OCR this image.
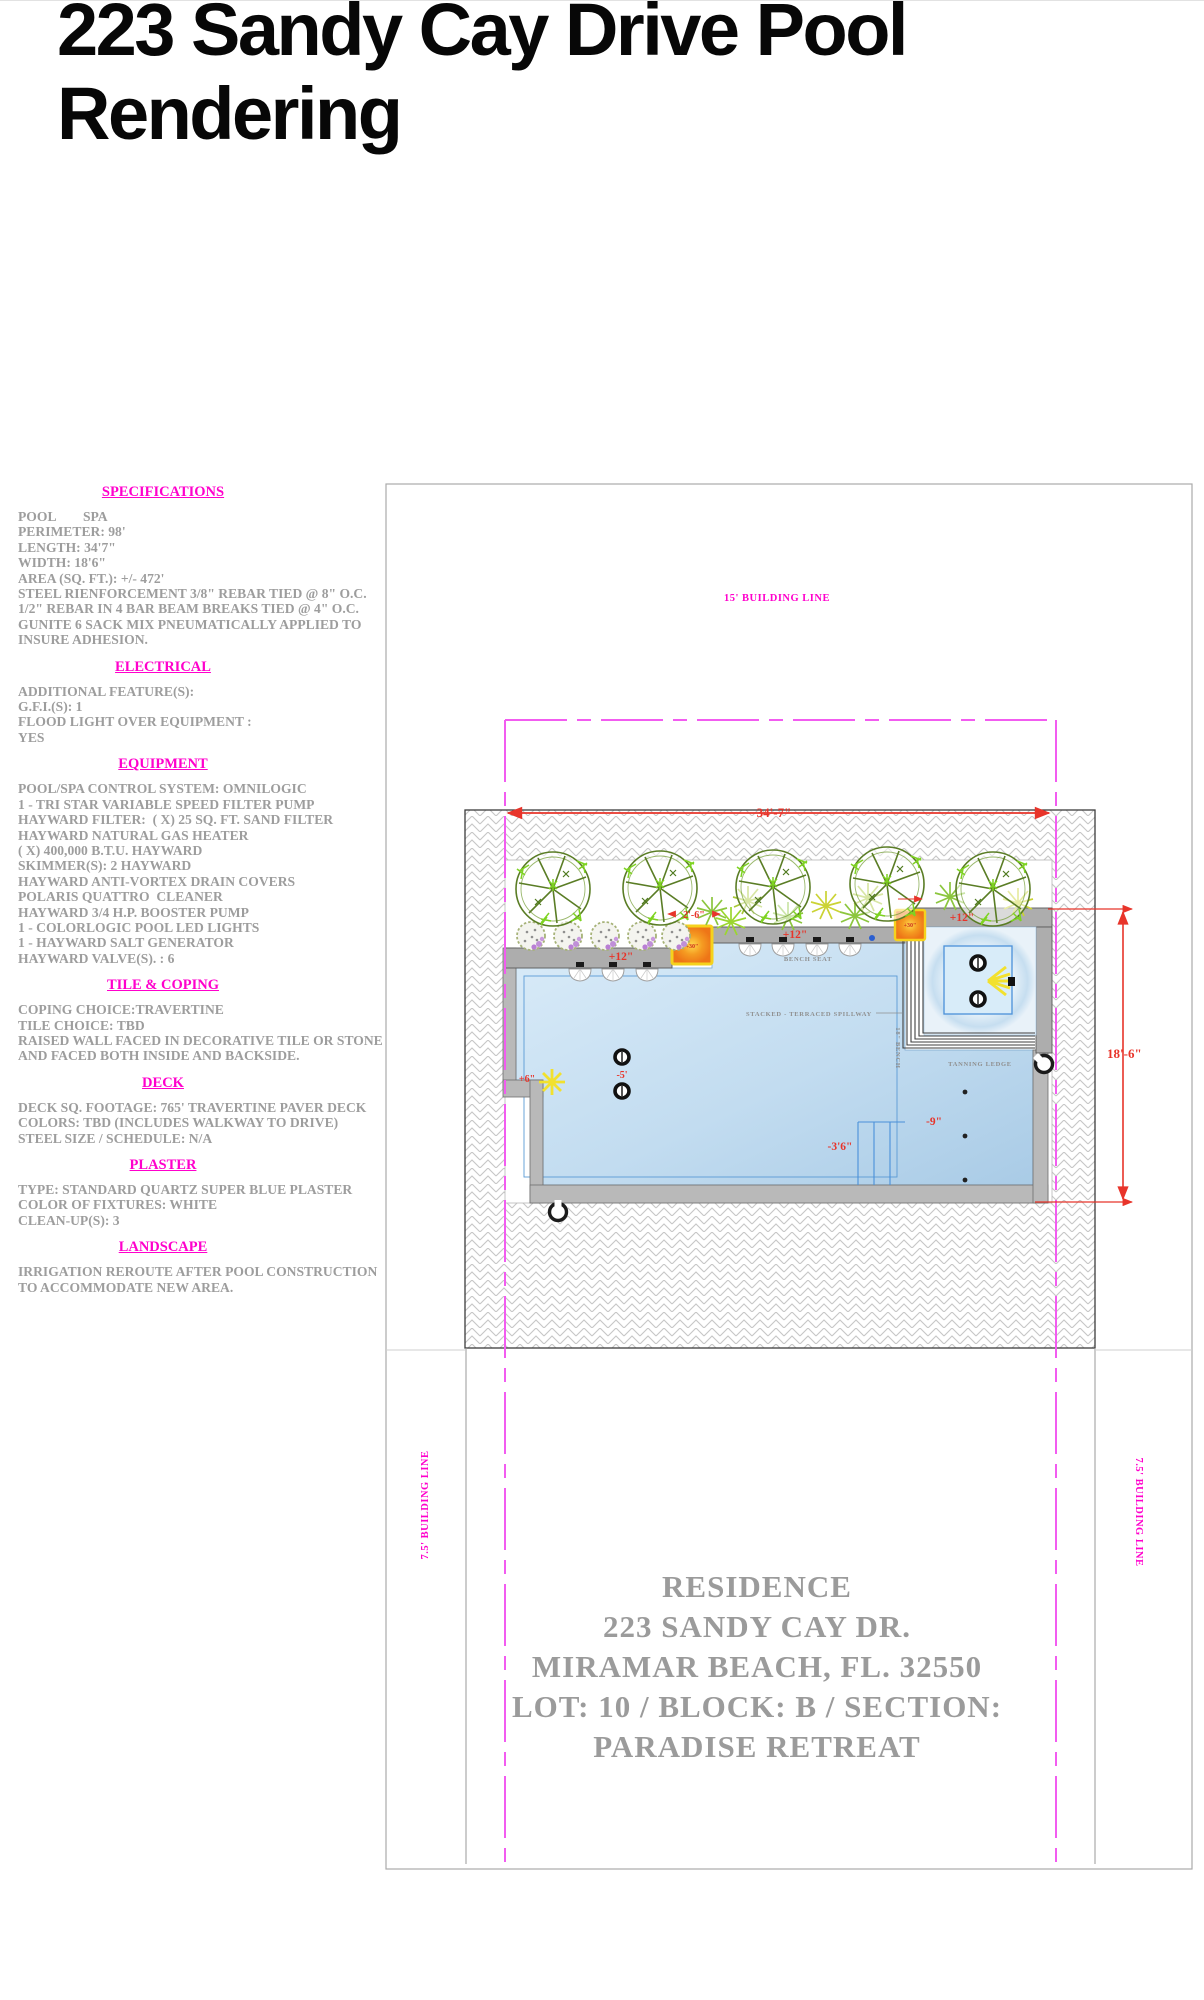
223 Sandy Cay Drive Pool
Rendering
+30"
+30"
15' BUILDING LINE
7.5' BUILDING LINE	7.5' BUILDING LINE
34'-7"
18'-6"
+12"
+12"
+12"
2'-6"
+6"	-5'
-3'6"
-9"
BENCH SEAT
STACKED - TERRACED SPILLWAY
TANNING LEDGE
18" BENCH
SPECIFICATIONS
POOL        SPA
PERIMETER: 98'
LENGTH: 34'7"
WIDTH: 18'6"
AREA (SQ. FT.): +/- 472'
STEEL RIENFORCEMENT 3/8" REBAR TIED @ 8" O.C.
1/2" REBAR IN 4 BAR BEAM BREAKS TIED @ 4" O.C.
GUNITE 6 SACK MIX PNEUMATICALLY APPLIED TO
INSURE ADHESION.
ELECTRICAL
ADDITIONAL FEATURE(S):
G.F.I.(S): 1
FLOOD LIGHT OVER EQUIPMENT :
YES
EQUIPMENT
POOL/SPA CONTROL SYSTEM: OMNILOGIC
1 - TRI STAR VARIABLE SPEED FILTER PUMP
HAYWARD FILTER:  ( X) 25 SQ. FT. SAND FILTER
HAYWARD NATURAL GAS HEATER
( X) 400,000 B.T.U. HAYWARD
SKIMMER(S): 2 HAYWARD
HAYWARD ANTI-VORTEX DRAIN COVERS
POLARIS QUATTRO  CLEANER
HAYWARD 3/4 H.P. BOOSTER PUMP
1 - COLORLOGIC POOL LED LIGHTS
1 - HAYWARD SALT GENERATOR
HAYWARD VALVE(S). : 6
TILE & COPING
COPING CHOICE:TRAVERTINE
TILE CHOICE: TBD
RAISED WALL FACED IN DECORATIVE TILE OR STONE
AND FACED BOTH INSIDE AND BACKSIDE.
DECK
DECK SQ. FOOTAGE: 765' TRAVERTINE PAVER DECK
COLORS: TBD (INCLUDES WALKWAY TO DRIVE)
STEEL SIZE / SCHEDULE: N/A
PLASTER
TYPE: STANDARD QUARTZ SUPER BLUE PLASTER
COLOR OF FIXTURES: WHITE
CLEAN-UP(S): 3
LANDSCAPE
IRRIGATION REROUTE AFTER POOL CONSTRUCTION
TO ACCOMMODATE NEW AREA.
RESIDENCE
223 SANDY CAY DR.
MIRAMAR BEACH, FL. 32550
LOT: 10 / BLOCK: B / SECTION:
PARADISE RETREAT
